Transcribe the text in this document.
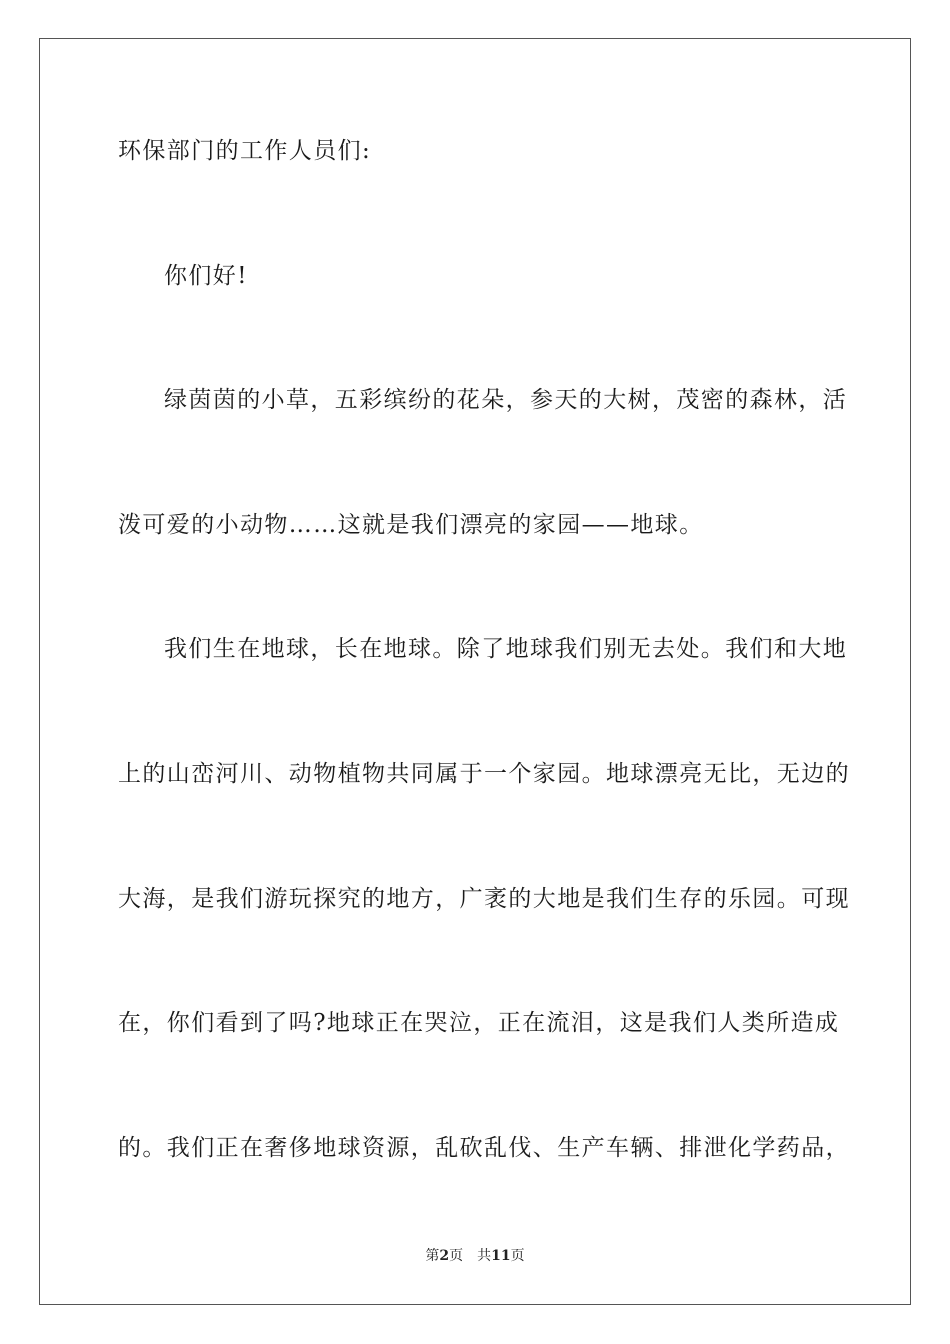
环保部门的工作人员们:
你们好!
绿茵茵的小草，五彩缤纷的花朵，参天的大树，茂密的森林，活
泼可爱的小动物……这就是我们漂亮的家园——地球。
我们生在地球，长在地球。除了地球我们别无去处。我们和大地
上的山峦河川、动物植物共同属于一个家园。地球漂亮无比，无边的
大海，是我们游玩探究的地方，广袤的大地是我们生存的乐园。可现
在，你们看到了吗?地球正在哭泣，正在流泪，这是我们人类所造成
的。我们正在奢侈地球资源，乱砍乱伐、生产车辆、排泄化学药品，
第2页 共11页
